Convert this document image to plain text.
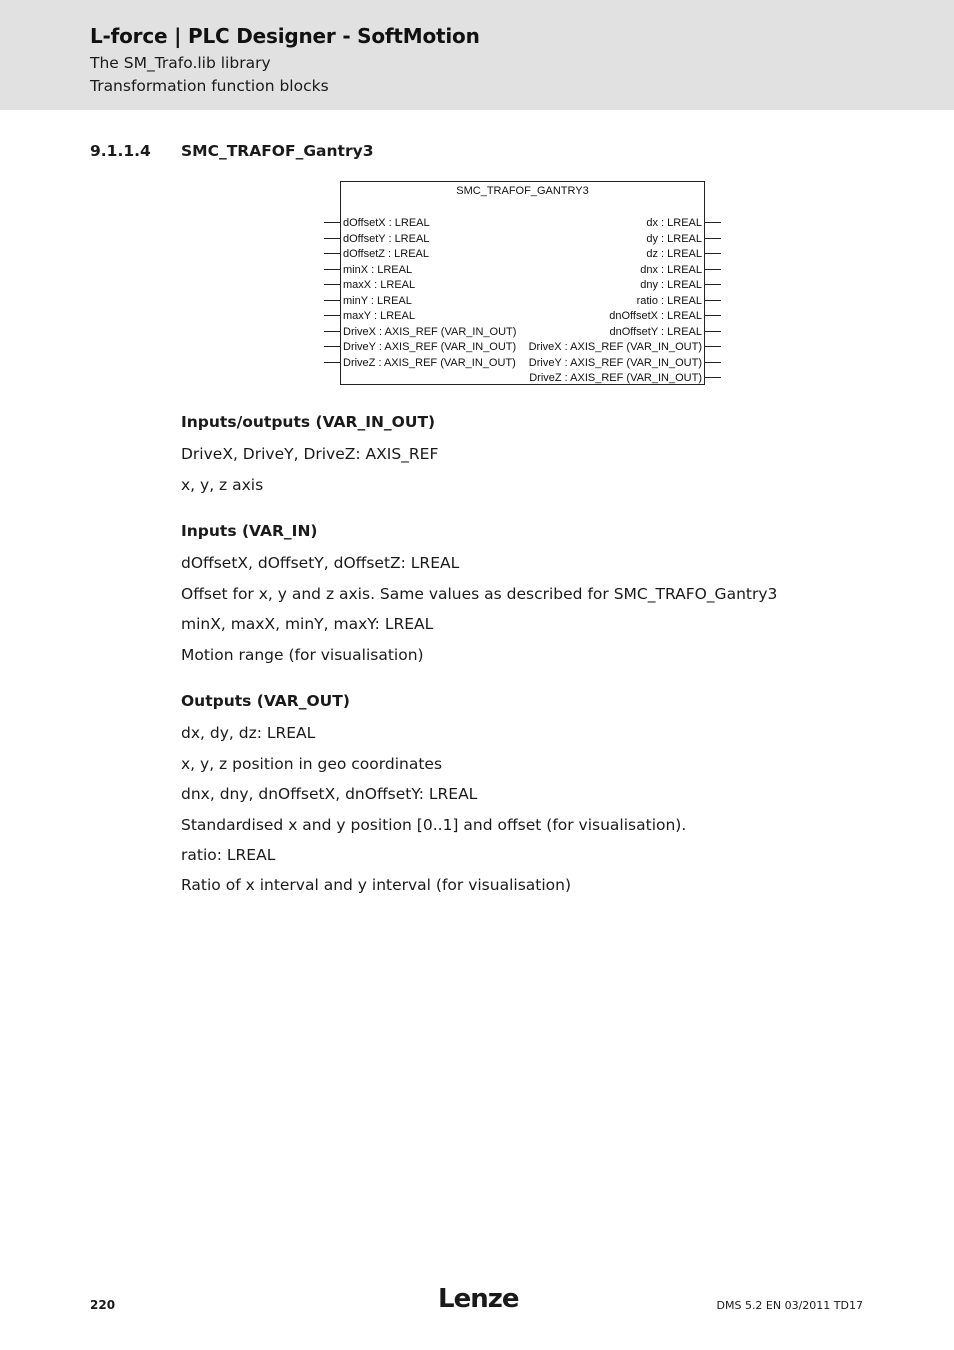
L-force | PLC Designer - SoftMotion
The SM_Trafo.lib library
Transformation function blocks
9.1.1.4 SMC_TRAFOF_Gantry3
SMC_TRAFOF_GANTRY3
dOffsetX : LREAL
dOffsetY : LREAL
dOffsetZ : LREAL
minX : LREAL
maxX : LREAL
minY : LREAL
maxY : LREAL
DriveX : AXIS_REF (VAR_IN_OUT)
DriveY : AXIS_REF (VAR_IN_OUT)
DriveZ : AXIS_REF (VAR_IN_OUT)
dx : LREAL
dy : LREAL
dz : LREAL
dnx : LREAL
dny : LREAL
ratio : LREAL
dnOffsetX : LREAL
dnOffsetY : LREAL
DriveX : AXIS_REF (VAR_IN_OUT)
DriveY : AXIS_REF (VAR_IN_OUT)
DriveZ : AXIS_REF (VAR_IN_OUT)
Inputs/outputs (VAR_IN_OUT)
DriveX, DriveY, DriveZ: AXIS_REF
x, y, z axis
Inputs (VAR_IN)
dOffsetX, dOffsetY, dOffsetZ: LREAL
Offset for x, y and z axis. Same values as described for SMC_TRAFO_Gantry3
minX, maxX, minY, maxY: LREAL
Motion range (for visualisation)
Outputs (VAR_OUT)
dx, dy, dz: LREAL
x, y, z position in geo coordinates
dnx, dny, dnOffsetX, dnOffsetY: LREAL
Standardised x and y position [0..1] and offset (for visualisation).
ratio: LREAL
Ratio of x interval and y interval (for visualisation)
220	Lenze	DMS 5.2 EN 03/2011 TD17
